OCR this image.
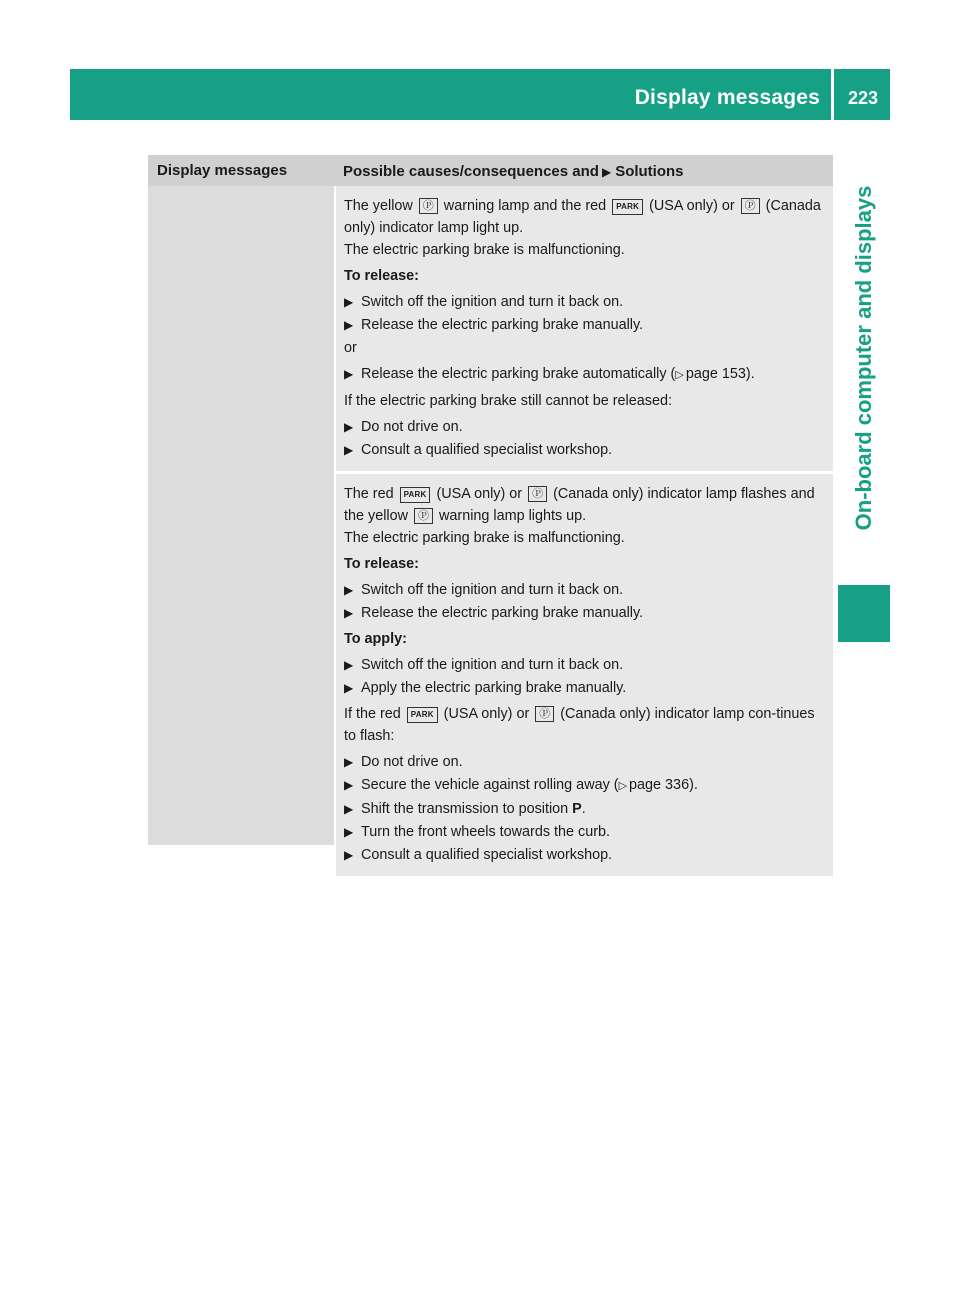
Display messages	223
On-board computer and displays
Display messages	Possible causes/consequences and ▶ Solutions

The yellow Ⓟ warning lamp and the red PARK (USA only) or Ⓟ (Canada only) indicator lamp light up.

The electric parking brake is malfunctioning.

To release:

▶ Switch off the ignition and turn it back on.
▶ Release the electric parking brake manually.

or

▶ Release the electric parking brake automatically (▷ page 153).

If the electric parking brake still cannot be released:

▶ Do not drive on.
▶ Consult a qualified specialist workshop.

The red PARK (USA only) or Ⓟ (Canada only) indicator lamp flashes and the yellow Ⓟ warning lamp lights up.

The electric parking brake is malfunctioning.

To release:

▶ Switch off the ignition and turn it back on.
▶ Release the electric parking brake manually.

To apply:

▶ Switch off the ignition and turn it back on.
▶ Apply the electric parking brake manually.

If the red PARK (USA only) or Ⓟ (Canada only) indicator lamp con-tinues to flash:

▶ Do not drive on.
▶ Secure the vehicle against rolling away (▷ page 336).
▶ Shift the transmission to position P.
▶ Turn the front wheels towards the curb.
▶ Consult a qualified specialist workshop.
